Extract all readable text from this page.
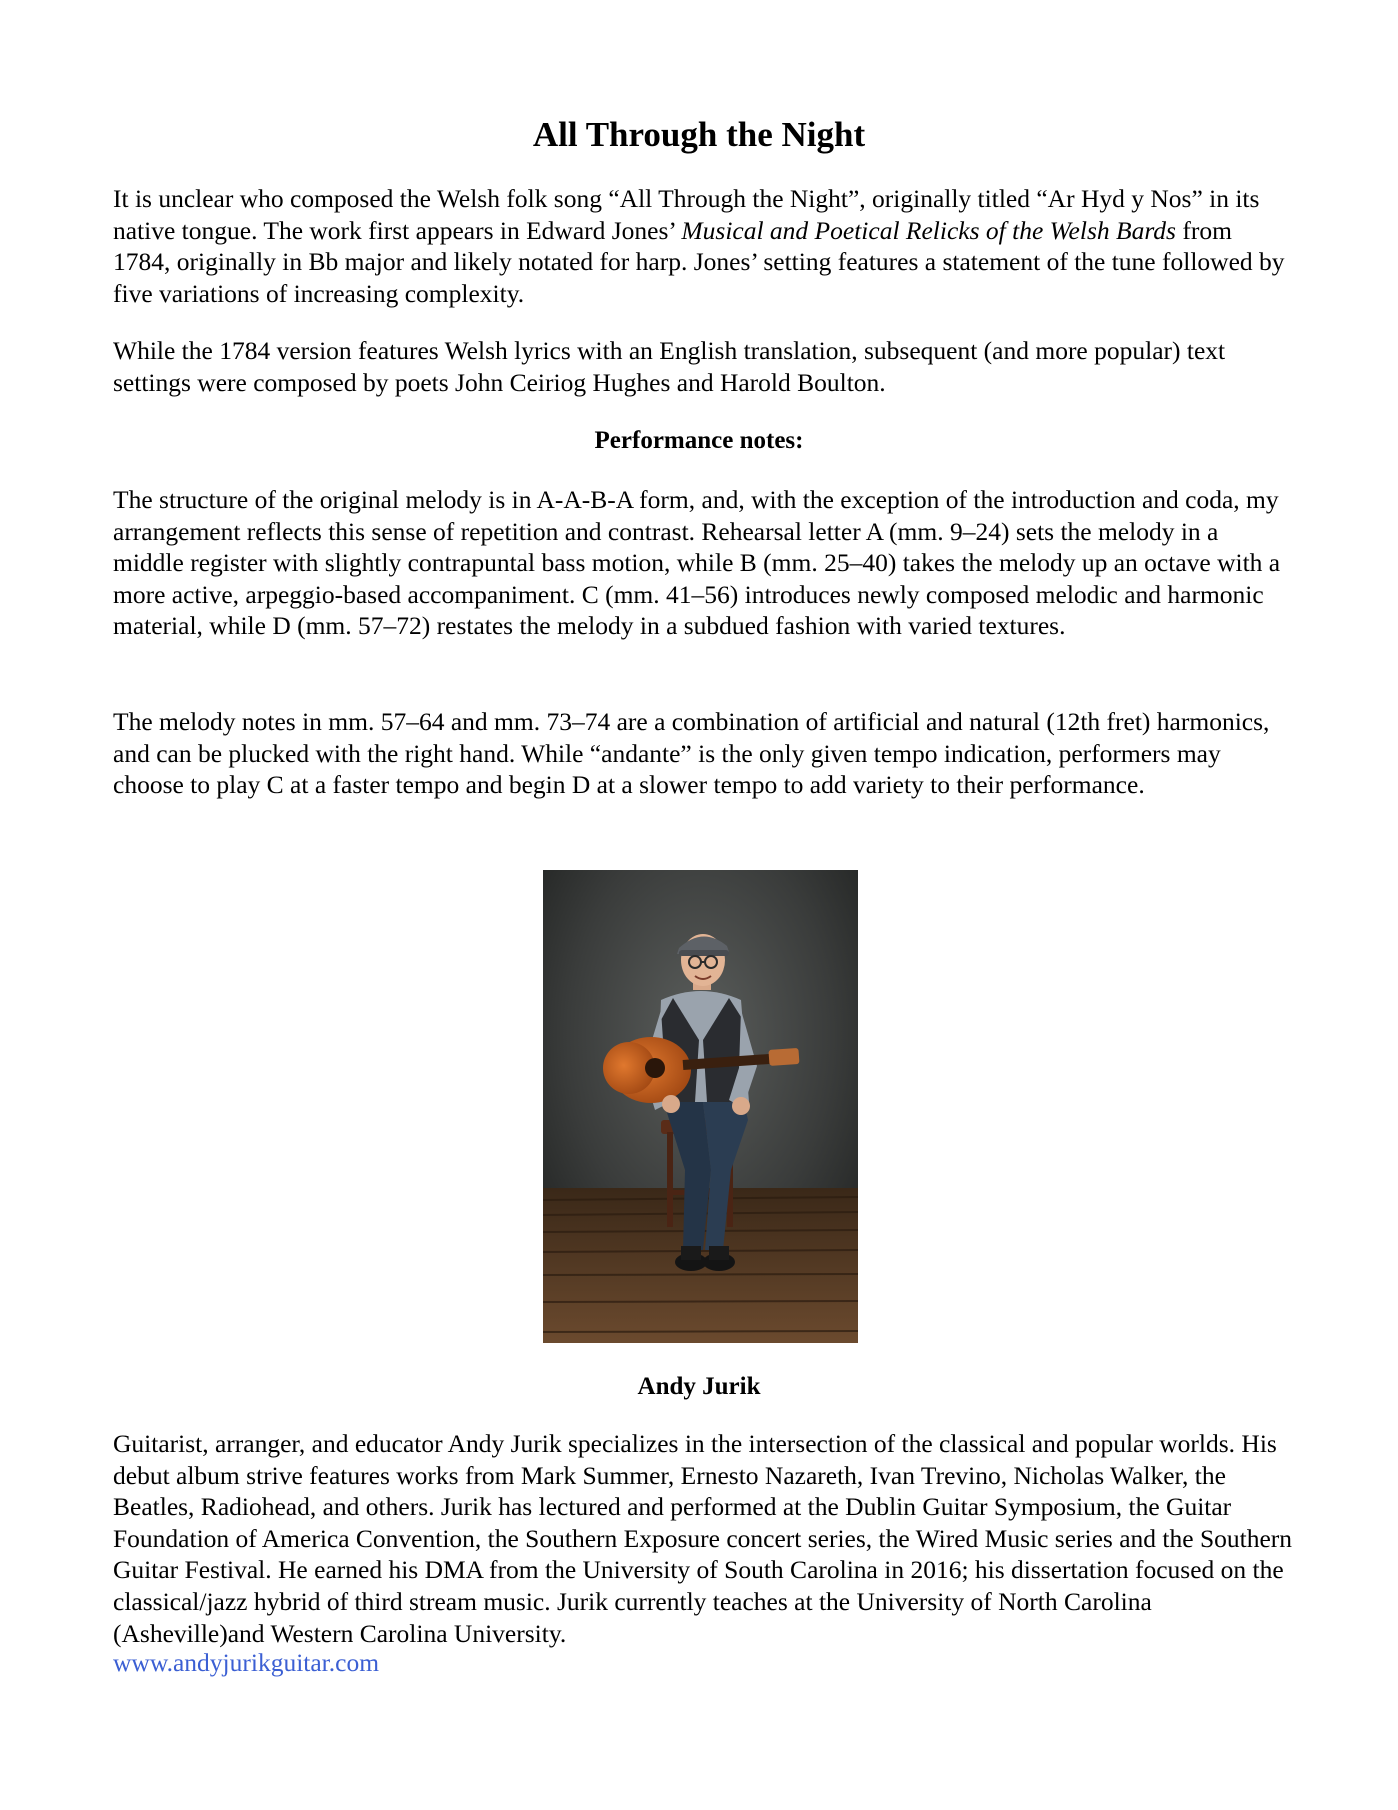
All Through the Night

It is unclear who composed the Welsh folk song “All Through the Night”, originally titled “Ar Hyd y Nos” in its native tongue. The work first appears in Edward Jones’ Musical and Poetical Relicks of the Welsh Bards from 1784, originally in Bb major and likely notated for harp. Jones’ setting features a statement of the tune followed by five variations of increasing complexity.

While the 1784 version features Welsh lyrics with an English translation, subsequent (and more popular) text settings were composed by poets John Ceiriog Hughes and Harold Boulton.

Performance notes:

The structure of the original melody is in A-A-B-A form, and, with the exception of the introduction and coda, my arrangement reflects this sense of repetition and contrast. Rehearsal letter A (mm. 9–24) sets the melody in a middle register with slightly contrapuntal bass motion, while B (mm. 25–40) takes the melody up an octave with a more active, arpeggio-based accompaniment. C (mm. 41–56) introduces newly composed melodic and harmonic material, while D (mm. 57–72) restates the melody in a subdued fashion with varied textures.

The melody notes in mm. 57–64 and mm. 73–74 are a combination of artificial and natural (12th fret) harmonics, and can be plucked with the right hand. While “andante” is the only given tempo indication, performers may choose to play C at a faster tempo and begin D at a slower tempo to add variety to their performance.

Andy Jurik

Guitarist, arranger, and educator Andy Jurik specializes in the intersection of the classical and popular worlds. His debut album strive features works from Mark Summer, Ernesto Nazareth, Ivan Trevino, Nicholas Walker, the Beatles, Radiohead, and others. Jurik has lectured and performed at the Dublin Guitar Symposium, the Guitar Foundation of America Convention, the Southern Exposure concert series, the Wired Music series and the Southern Guitar Festival. He earned his DMA from the University of South Carolina in 2016; his dissertation focused on the classical/jazz hybrid of third stream music. Jurik currently teaches at the University of North Carolina (Asheville)and Western Carolina University.

www.andyjurikguitar.com
